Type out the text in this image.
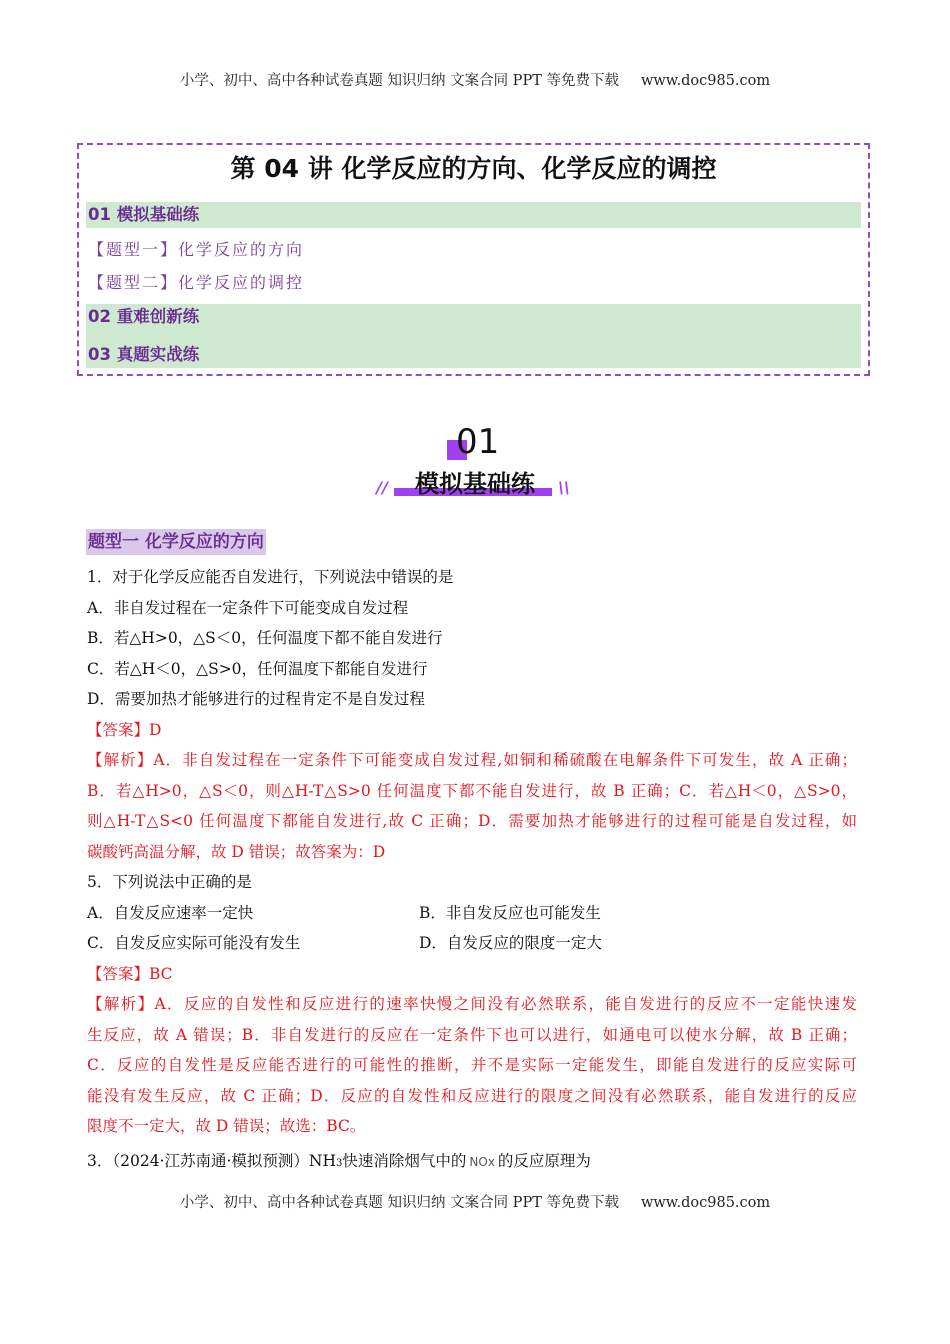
小学、初中、高中各种试卷真题 知识归纳 文案合同 PPT 等免费下载 www.doc985.com
第 04 讲 化学反应的方向、化学反应的调控
01 模拟基础练
【题型一】化学反应的方向
【题型二】化学反应的调控
02 重难创新练
03 真题实战练
01
模拟基础练
//	\\
题型一 化学反应的方向
1．对于化学反应能否自发进行，下列说法中错误的是
A．非自发过程在一定条件下可能变成自发过程
B．若△H>0，△S＜0，任何温度下都不能自发进行
C．若△H＜0，△S>0，任何温度下都能自发进行
D．需要加热才能够进行的过程肯定不是自发过程
【答案】D
【解析】A．非自发过程在一定条件下可能变成自发过程,如铜和稀硫酸在电解条件下可发生，故 A 正确；
B．若△H>0，△S＜0，则△H-T△S>0 任何温度下都不能自发进行，故 B 正确；C．若△H＜0，△S>0，
则△H-T△S<0 任何温度下都能自发进行,故 C 正确；D．需要加热才能够进行的过程可能是自发过程，如
碳酸钙高温分解，故 D 错误；故答案为：D
5．下列说法中正确的是
A．自发反应速率一定快	B．非自发反应也可能发生
C．自发反应实际可能没有发生	D．自发反应的限度一定大
【答案】BC
【解析】A．反应的自发性和反应进行的速率快慢之间没有必然联系，能自发进行的反应不一定能快速发
生反应，故 A 错误；B．非自发进行的反应在一定条件下也可以进行，如通电可以使水分解，故 B 正确；
C．反应的自发性是反应能否进行的可能性的推断，并不是实际一定能发生，即能自发进行的反应实际可
能没有发生反应，故 C 正确；D．反应的自发性和反应进行的限度之间没有必然联系，能自发进行的反应
限度不一定大，故 D 错误；故选：BC。
3．（2024·江苏南通·模拟预测）NH3快速消除烟气中的 NOx 的反应原理为
小学、初中、高中各种试卷真题 知识归纳 文案合同 PPT 等免费下载 www.doc985.com
